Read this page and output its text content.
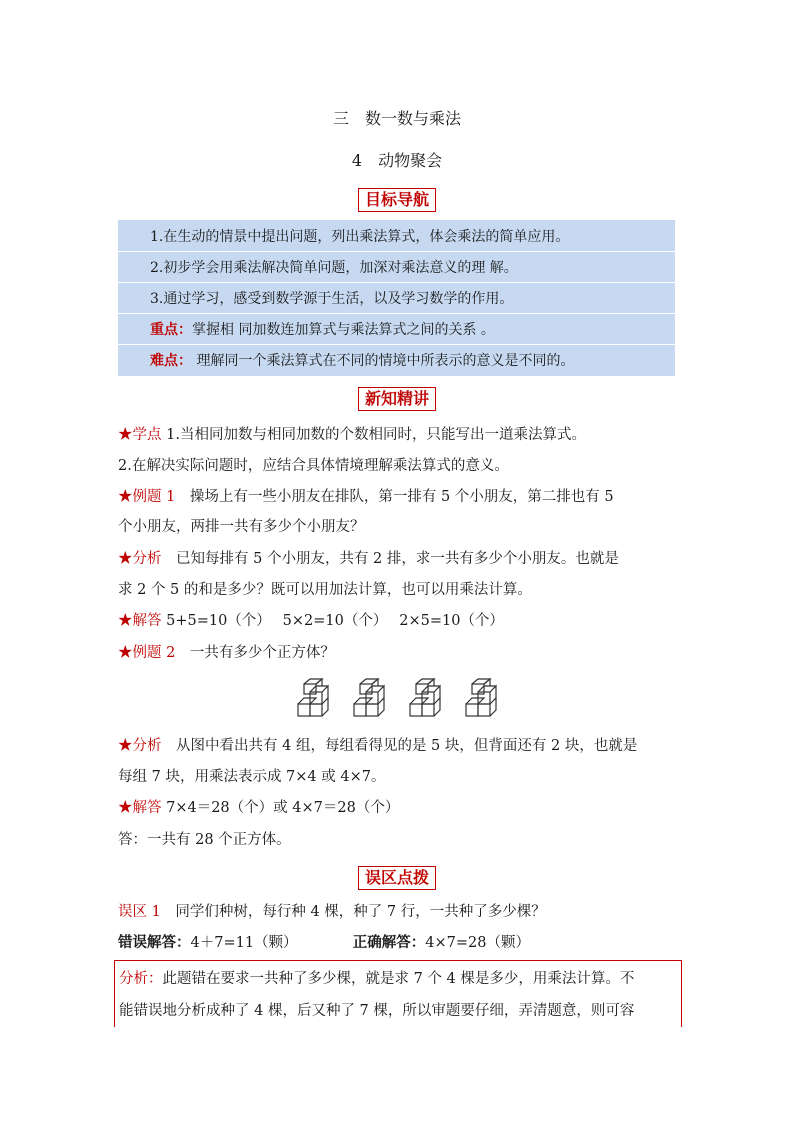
三　数一数与乘法
4　动物聚会
目标导航
1.在生动的情景中提出问题，列出乘法算式，体会乘法的简单应用。
2.初步学会用乘法解决简单问题，加深对乘法意义的理 解。
3.通过学习，感受到数学源于生活，以及学习数学的作用。
重点：掌握相 同加数连加算式与乘法算式之间的关系 。
难点： 理解同一个乘法算式在不同的情境中所表示的意义是不同的。
新知精讲
★学点 1.当相同加数与相同加数的个数相同时，只能写出一道乘法算式。
2.在解决实际问题时，应结合具体情境理解乘法算式的意义。
★例题 1　操场上有一些小朋友在排队，第一排有 5 个小朋友，第二排也有 5
个小朋友，两排一共有多少个小朋友？
★分析　已知每排有 5 个小朋友，共有 2 排，求一共有多少个小朋友。也就是
求 2 个 5 的和是多少？既可以用加法计算，也可以用乘法计算。
★解答 5+5=10（个）　 5×2=10（个）　 2×5=10（个）
★例题 2　一共有多少个正方体？
★分析　从图中看出共有 4 组，每组看得见的是 5 块，但背面还有 2 块，也就是
每组 7 块，用乘法表示成 7×4 或 4×7。
★解答 7×4＝28（个）或 4×7＝28（个）
答：一共有 28 个正方体。
误区点拨
误区 1　同学们种树，每行种 4 棵，种了 7 行，一共种了多少棵？
错误解答：4＋7=11（颗）	正确解答：4×7=28（颗）
分析：此题错在要求一共种了多少棵，就是求 7 个 4 棵是多少，用乘法计算。不
能错误地分析成种了 4 棵，后又种了 7 棵，所以审题要仔细，弄清题意，则可容
